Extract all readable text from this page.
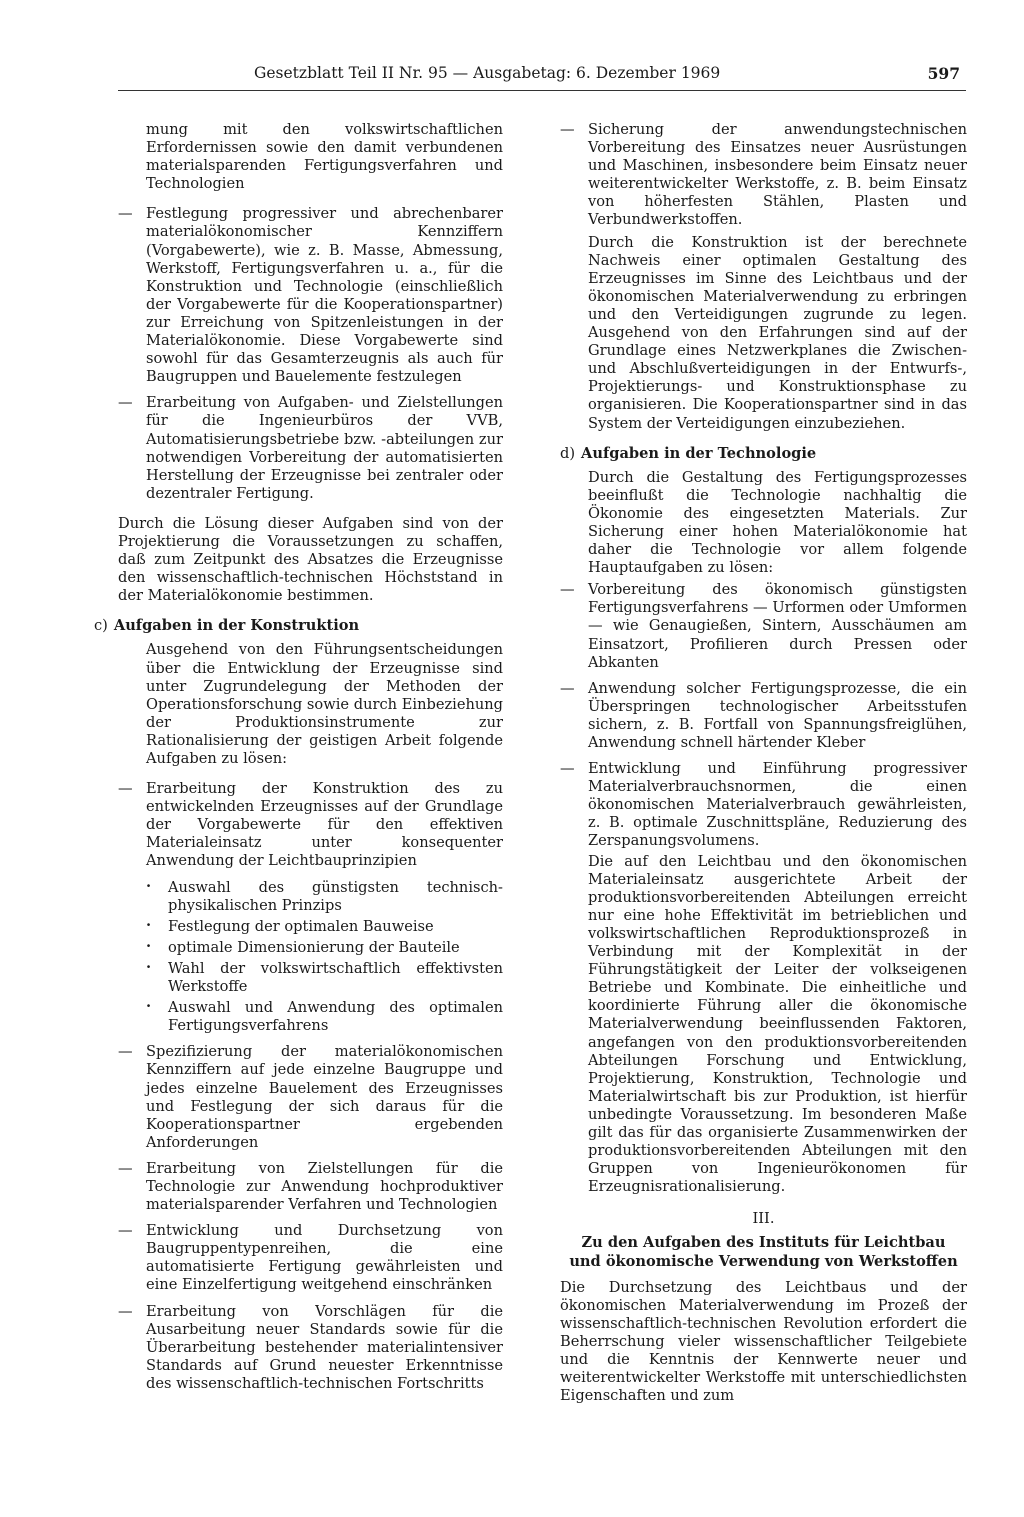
Gesetzblatt Teil II Nr. 95 — Ausgabetag: 6. Dezember 1969	597

mung mit den volkswirtschaftlichen Erfordernissen sowie den damit verbundenen materialsparenden Fertigungsverfahren und Technologien

— Festlegung progressiver und abrechenbarer materialökonomischer Kennziffern (Vorgabewerte), wie z. B. Masse, Abmessung, Werkstoff, Fertigungsverfahren u. a., für die Konstruktion und Technologie (einschließlich der Vorgabewerte für die Kooperationspartner) zur Erreichung von Spitzenleistungen in der Materialökonomie. Diese Vorgabewerte sind sowohl für das Gesamterzeugnis als auch für Baugruppen und Bauelemente festzulegen

— Erarbeitung von Aufgaben- und Zielstellungen für die Ingenieurbüros der VVB, Automatisierungsbetriebe bzw. -abteilungen zur notwendigen Vorbereitung der automatisierten Herstellung der Erzeugnisse bei zentraler oder dezentraler Fertigung.

Durch die Lösung dieser Aufgaben sind von der Projektierung die Voraussetzungen zu schaffen, daß zum Zeitpunkt des Absatzes die Erzeugnisse den wissenschaftlich-technischen Höchststand in der Materialökonomie bestimmen.

c) Aufgaben in der Konstruktion

Ausgehend von den Führungsentscheidungen über die Entwicklung der Erzeugnisse sind unter Zugrundelegung der Methoden der Operationsforschung sowie durch Einbeziehung der Produktionsinstrumente zur Rationalisierung der geistigen Arbeit folgende Aufgaben zu lösen:

— Erarbeitung der Konstruktion des zu entwickelnden Erzeugnisses auf der Grundlage der Vorgabewerte für den effektiven Materialeinsatz unter konsequenter Anwendung der Leichtbauprinzipien

· Auswahl des günstigsten technisch-physikalischen Prinzips

· Festlegung der optimalen Bauweise

· optimale Dimensionierung der Bauteile

· Wahl der volkswirtschaftlich effektivsten Werkstoffe

· Auswahl und Anwendung des optimalen Fertigungsverfahrens

— Spezifizierung der materialökonomischen Kennziffern auf jede einzelne Baugruppe und jedes einzelne Bauelement des Erzeugnisses und Festlegung der sich daraus für die Kooperationspartner ergebenden Anforderungen

— Erarbeitung von Zielstellungen für die Technologie zur Anwendung hochproduktiver materialsparender Verfahren und Technologien

— Entwicklung und Durchsetzung von Baugruppentypenreihen, die eine automatisierte Fertigung gewährleisten und eine Einzelfertigung weitgehend einschränken

— Erarbeitung von Vorschlägen für die Ausarbeitung neuer Standards sowie für die Überarbeitung bestehender materialintensiver Standards auf Grund neuester Erkenntnisse des wissenschaftlich-technischen Fortschritts

— Sicherung der anwendungstechnischen Vorbereitung des Einsatzes neuer Ausrüstungen und Maschinen, insbesondere beim Einsatz neuer weiterentwickelter Werkstoffe, z. B. beim Einsatz von höherfesten Stählen, Plasten und Verbundwerkstoffen.

Durch die Konstruktion ist der berechnete Nachweis einer optimalen Gestaltung des Erzeugnisses im Sinne des Leichtbaus und der ökonomischen Materialverwendung zu erbringen und den Verteidigungen zugrunde zu legen. Ausgehend von den Erfahrungen sind auf der Grundlage eines Netzwerkplanes die Zwischen- und Abschlußverteidigungen in der Entwurfs-, Projektierungs- und Konstruktionsphase zu organisieren. Die Kooperationspartner sind in das System der Verteidigungen einzubeziehen.

d) Aufgaben in der Technologie

Durch die Gestaltung des Fertigungsprozesses beeinflußt die Technologie nachhaltig die Ökonomie des eingesetzten Materials. Zur Sicherung einer hohen Materialökonomie hat daher die Technologie vor allem folgende Hauptaufgaben zu lösen:

— Vorbereitung des ökonomisch günstigsten Fertigungsverfahrens — Urformen oder Umformen — wie Genaugießen, Sintern, Ausschäumen am Einsatzort, Profilieren durch Pressen oder Abkanten

— Anwendung solcher Fertigungsprozesse, die ein Überspringen technologischer Arbeitsstufen sichern, z. B. Fortfall von Spannungsfreiglühen, Anwendung schnell härtender Kleber

— Entwicklung und Einführung progressiver Materialverbrauchsnormen, die einen ökonomischen Materialverbrauch gewährleisten, z. B. optimale Zuschnittspläne, Reduzierung des Zerspanungsvolumens.

Die auf den Leichtbau und den ökonomischen Materialeinsatz ausgerichtete Arbeit der produktionsvorbereitenden Abteilungen erreicht nur eine hohe Effektivität im betrieblichen und volkswirtschaftlichen Reproduktionsprozeß in Verbindung mit der Komplexität in der Führungstätigkeit der Leiter der volkseigenen Betriebe und Kombinate. Die einheitliche und koordinierte Führung aller die ökonomische Materialverwendung beeinflussenden Faktoren, angefangen von den produktionsvorbereitenden Abteilungen Forschung und Entwicklung, Projektierung, Konstruktion, Technologie und Materialwirtschaft bis zur Produktion, ist hierfür unbedingte Voraussetzung. Im besonderen Maße gilt das für das organisierte Zusammenwirken der produktionsvorbereitenden Abteilungen mit den Gruppen von Ingenieurökonomen für Erzeugnisrationalisierung.

III.

Zu den Aufgaben des Instituts für Leichtbau

und ökonomische Verwendung von Werkstoffen

Die Durchsetzung des Leichtbaus und der ökonomischen Materialverwendung im Prozeß der wissenschaftlich-technischen Revolution erfordert die Beherrschung vieler wissenschaftlicher Teilgebiete und die Kenntnis der Kennwerte neuer und weiterentwickelter Werkstoffe mit unterschiedlichsten Eigenschaften und zum
